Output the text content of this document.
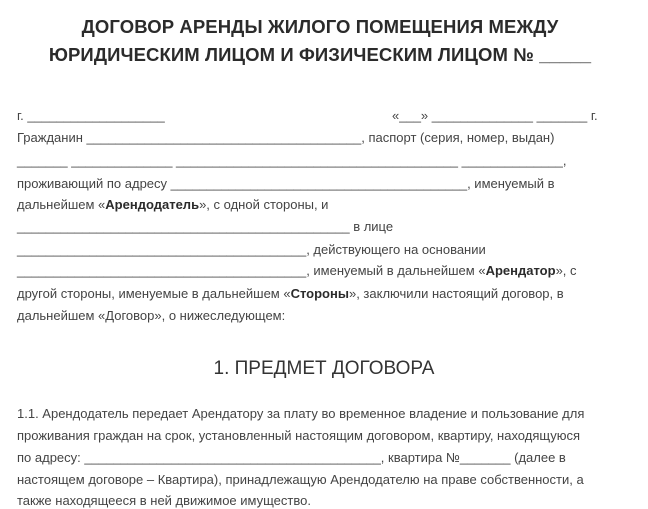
ДОГОВОР АРЕНДЫ ЖИЛОГО ПОМЕЩЕНИЯ МЕЖДУ
ЮРИДИЧЕСКИМ ЛИЦОМ И ФИЗИЧЕСКИМ ЛИЦОМ № _____
г. ___________________	«___» ______________ _______ г.
Гражданин ______________________________________, паспорт (серия, номер, выдан)
_______ ______________ _______________________________________ ______________,
проживающий по адресу _________________________________________, именуемый в
дальнейшем «Арендодатель», с одной стороны, и
______________________________________________ в лице
________________________________________, действующего на основании
________________________________________, именуемый в дальнейшем «Арендатор», с
другой стороны, именуемые в дальнейшем «Стороны», заключили настоящий договор, в
дальнейшем «Договор», о нижеследующем:
1. ПРЕДМЕТ ДОГОВОРА
1.1. Арендодатель передает Арендатору за плату во временное владение и пользование для
проживания граждан на срок, установленный настоящим договором, квартиру, находящуюся
по адресу: _________________________________________, квартира №_______ (далее в
настоящем договоре – Квартира), принадлежащую Арендодателю на праве собственности, а
также находящееся в ней движимое имущество.
